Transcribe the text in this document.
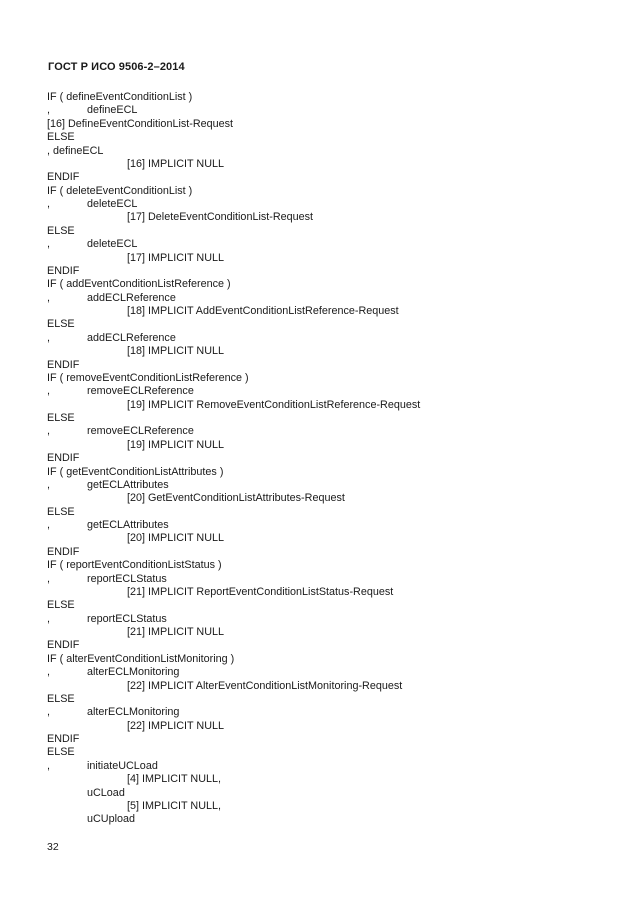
ГОСТ Р ИСО 9506-2–2014
IF ( defineEventConditionList )
,	defineECL
[16] DefineEventConditionList-Request
ELSE
, defineECL
[16] IMPLICIT NULL
ENDIF
IF ( deleteEventConditionList )
,	deleteECL
[17] DeleteEventConditionList-Request
ELSE
,	deleteECL
[17] IMPLICIT NULL
ENDIF
IF ( addEventConditionListReference )
,	addECLReference
[18] IMPLICIT AddEventConditionListReference-Request
ELSE
,	addECLReference
[18] IMPLICIT NULL
ENDIF
IF ( removeEventConditionListReference )
,	removeECLReference
[19] IMPLICIT RemoveEventConditionListReference-Request
ELSE
,	removeECLReference
[19] IMPLICIT NULL
ENDIF
IF ( getEventConditionListAttributes )
,	getECLAttributes
[20] GetEventConditionListAttributes-Request
ELSE
,	getECLAttributes
[20] IMPLICIT NULL
ENDIF
IF ( reportEventConditionListStatus )
,	reportECLStatus
[21] IMPLICIT ReportEventConditionListStatus-Request
ELSE
,	reportECLStatus
[21] IMPLICIT NULL
ENDIF
IF ( alterEventConditionListMonitoring )
,	alterECLMonitoring
[22] IMPLICIT AlterEventConditionListMonitoring-Request
ELSE
,	alterECLMonitoring
[22] IMPLICIT NULL
ENDIF
ELSE
,	initiateUCLoad
[4] IMPLICIT NULL,
uCLoad
[5] IMPLICIT NULL,
uCUpload
32
